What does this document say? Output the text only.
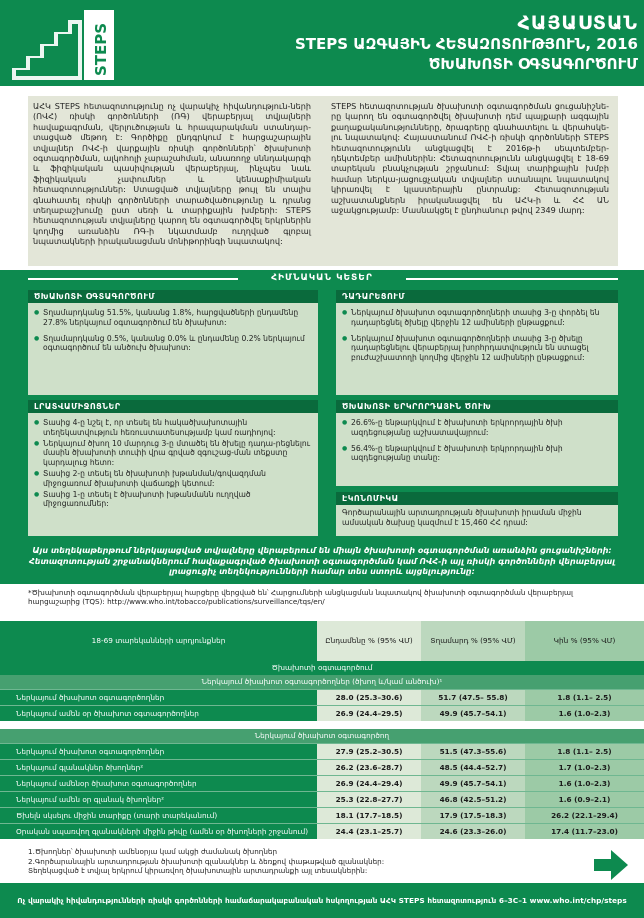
STEPS	ՀԱՅԱՍՏԱՆ
STEPS ԱԶԳԱՅԻՆ ՀԵՏԱԶՈՏՈՒԹՅՈՒՆ, 2016
ԾԽԱԽՈՏԻ ՕԳՏԱԳՈՐԾՈՒՄ

ԱՀԿ STEPS հետազոտությունը ոչ վարակիչ հիվանդություն-ների (ՈՎՀ) ռիսկի գործոնների (ՌԳ) վերաբերյալ տվյալների հավաքագրման, վերլուծության և հրապարակման ստանդար-տացված մեթոդ է: Գործիքը ընդգրկում է հարցաշարային տվյալներ ՈՎՀ-ի վարքային ռիսկի գործոնների՝ ծխախոտի օգտագործման, ալկոհոլի չարաշահման, անառողջ սննդակարգի և ֆիզիկական պասիվության վերաբերյալ, ինչպես նաև ֆիզիկական չափումներ և կենսաքիմիական հետազոտություններ: Ստացված տվյալները թույլ են տալիս գնահատել ռիսկի գործոնների տարածվածությունը և դրանց տեղաբաշխումը ըստ սեռի և տարիքային խմբերի: STEPS հետազոտության տվյալները կարող են օգտագործվել երկրներին կողմից առանձին ՌԳ-ի նկատմամբ ուղղված գլոբալ նպատակների իրականացման մոնիթորինգի նպատակով:

STEPS հետազոտության ծխախոտի օգտագործման ցուցանիշնե-րը կարող են օգտագործվել ծխախոտի դեմ պայքարի ազգային քաղաքականությունները, ծրագրերը գնահատելու և վերահսկե-լու նպատակով: Հայաստանում ՈՎՀ-ի ռիսկի գործոնների STEPS հետազոտությունն անցկացվել է 2016թ-ի սեպտեմբեր-դեկտեմբեր ամիսներին: Հետազոտությունն անցկացվել է 18-69 տարեկան բնակչության շրջանում: Տվյալ տարիքային խմբի համար ներկա-յացուցչական տվյալներ ստանալու նպատակով կիրառվել է կլաստերային ընտրանք: Հետազոտության աշխատանքներն իրականացվել են ԱՀԿ-ի և ՀՀ ԱՆ աջակցությամբ: Մասնակցել է ընդհանուր թվով 2349 մարդ:

ՀԻՄՆԱԿԱՆ ԿԵՏԵՐ
ԾԽԱԽՈՏԻ ՕԳՏԱԳՈՐԾՈՒՄ
● Տղամարդկանց 51.5%, կանանց 1.8%, հարցվածների ընդամենը 27.8% ներկայում օգտագործում են ծխախոտ:
● Տղամարդկանց 0.5%, կանանց 0.0% և ընդամենը 0.2% ներկայում օգտագործում են անծուխ ծխախոտ:
ԴԱԴԱՐԵՑՈՒՄ
● Ներկայում ծխախոտ օգտագործողների տասից 3-ը փորձել են դադարեցնել ծխելը վերջին 12 ամիսների ընթացքում:
● Ներկայում ծխախոտ օգտագործողների տասից 3-ը ծխելը դադարեցնելու վերաբերյալ խորհրդատվություն են ստացել բուժաշխատողի կողմից վերջին 12 ամիսների ընթացքում:
ԼՐԱՏՎԱՄԻՋՈՑՆԵՐ
● Տասից 4-ը նշել է, որ տեսել են հակածխախոտային տեղեկատվություն հեռուստատեսությամբ կամ ռադիոյով:
● Ներկայում ծխող 10 մարդուց 3-ը մտածել են ծխելը դադա-րեցնելու մասին ծխախոտի տուփի վրա գրված զգուշաց-ման տեքստը կարդալուց հետո:
● Տասից 2-ը տեսել են ծխախոտի խթանման/գովազդման միջոցառում ծխախոտի վաճառքի կետում:
● Տասից 1-ը տեսել է ծխախոտի խթանմանն ուղղված միջոցառումներ:
ԾԽԱԽՈՏԻ ԵՐԿՐՈՐԴԱՅԻՆ ԾՈՒԽ
● 26.6%-ը ենթարկվում է ծխախոտի երկրորդային ծխի ազդեցությանը աշխատավայրում:
● 56.4%-ը ենթարկվում է ծխախոտի երկրորդային ծխի ազդեցությանը տանը:
ԷԿՈՆՈՄԻԿԱ
Գործարանային արտադրության ծխախոտի իրաման միջին ամսական ծախսը կազմում է 15,460 ՀՀ դրամ:
Այս տեղեկաթերթում ներկայացված տվյալները վերաբերում են միայն ծխախոտի օգտագործման առանձին ցուցանիշների: Հետազոտության շրջանակներում հավաքագրված ծխախոտի օգտագործման կամ ՈՎՀ-ի այլ ռիսկի գործոնների վերաբերյալ լրացուցիչ տեղեկությունների համար տես ստորև այցելությունը:
*Ծխախոտի օգտագործման վերաբերյալ հարցերը վերցված են՝ Հարցումների անցկացման նպատակով ծխախոտի օգտագործման վերաբերյալ հարցաշարից (TQS): http://www.who.int/tobacco/publications/surveillance/tqs/en/
18-69 տարեկանների արդյունքներ	Ընդամենը % (95% ՎՄ)	Տղամարդ % (95% ՎՄ)	Կին % (95% ՎՄ)
Ծխախոտի օգտագործում
Ներկայում ծխախոտ օգտագործողներ (ծխող և/կամ անծուխ)¹
Ներկայում ծխախոտ օգտագործողներ	28.0 (25.3–30.6)	51.7 (47.5– 55.8)	1.8 (1.1– 2.5)
Ներկայում ամեն օր ծխախոտ օգտագործողներ	26.9 (24.4–29.5)	49.9 (45.7–54.1)	1.6 (1.0–2.3)
Ներկայում ծխախոտ օգտագործող
Ներկայում ծխախոտ օգտագործողներ	27.9 (25.2–30.5)	51.5 (47.3–55.6)	1.8 (1.1– 2.5)
Ներկայում գլանակներ ծխողներ²	26.2 (23.6–28.7)	48.5 (44.4–52.7)	1.7 (1.0–2.3)
Ներկայում ամենօր ծխախոտ օգտագործողներ	26.9 (24.4–29.4)	49.9 (45.7–54.1)	1.6 (1.0–2.3)
Ներկայում ամեն օր գլանակ ծխողներ²	25.3 (22.8–27.7)	46.8 (42.5–51.2)	1.6 (0.9–2.1)
Ծխելն սկսելու միջին տարիքը (տարի տարեկանում)	18.1 (17.7–18.5)	17.9 (17.5–18.3)	26.2 (22.1–29.4)
Օրական սպառվող գլանակների միջին թիվը (ամեն օր ծխողների շրջանում)	24.4 (23.1–25.7)	24.6 (23.3–26.0)	17.4 (11.7–23.0)
1.Ծխողներ՝ ծխախոտի ամենօրյա կամ ակցի ժամանակ ծխողներ
2.Գործարանային արտադրության ծխախոտի գլանակներ և ձեռքով փաթաթված գլանակներ:
Տեղեկացված է տվյալ երկրում կիրառվող ծխախոտային արտադրանքի այլ տեսակներին:
Ոչ վարակիչ հիվանդությունների ռիսկի գործոնների համաճարակաբանական հսկողության ԱՀԿ STEPS հետազոտություն 6–3C–1 www.who.int/chp/steps
